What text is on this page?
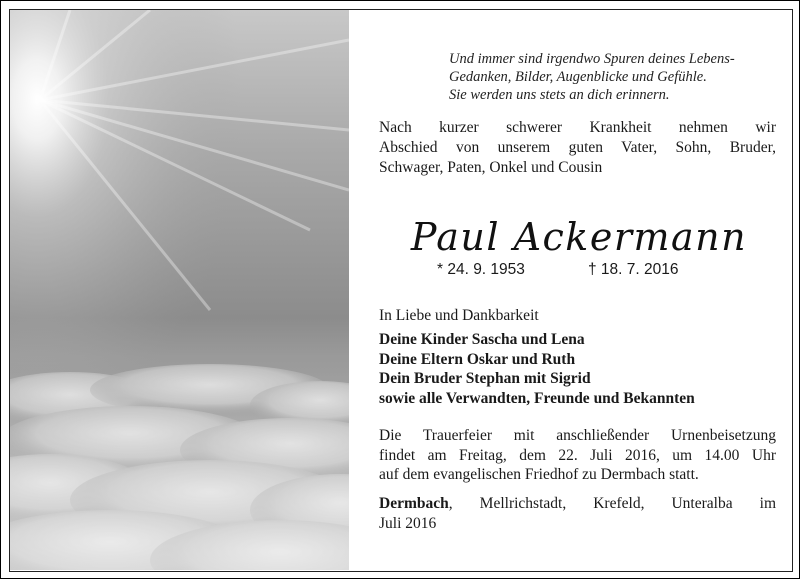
Und immer sind irgendwo Spuren deines Lebens-
Gedanken, Bilder, Augenblicke und Gefühle.
Sie werden uns stets an dich erinnern.
Nach kurzer schwerer Krankheit nehmen wir
Abschied von unserem guten Vater, Sohn, Bruder,
Schwager, Paten, Onkel und Cousin
Paul Ackermann
* 24. 9. 1953	† 18. 7. 2016
In Liebe und Dankbarkeit
Deine Kinder Sascha und Lena
Deine Eltern Oskar und Ruth
Dein Bruder Stephan mit Sigrid
sowie alle Verwandten, Freunde und Bekannten
Die Trauerfeier mit anschließender Urnenbeisetzung
findet am Freitag, dem 22. Juli 2016, um 14.00 Uhr
auf dem evangelischen Friedhof zu Dermbach statt.
Dermbach, Mellrichstadt, Krefeld, Unteralba im
Juli 2016
